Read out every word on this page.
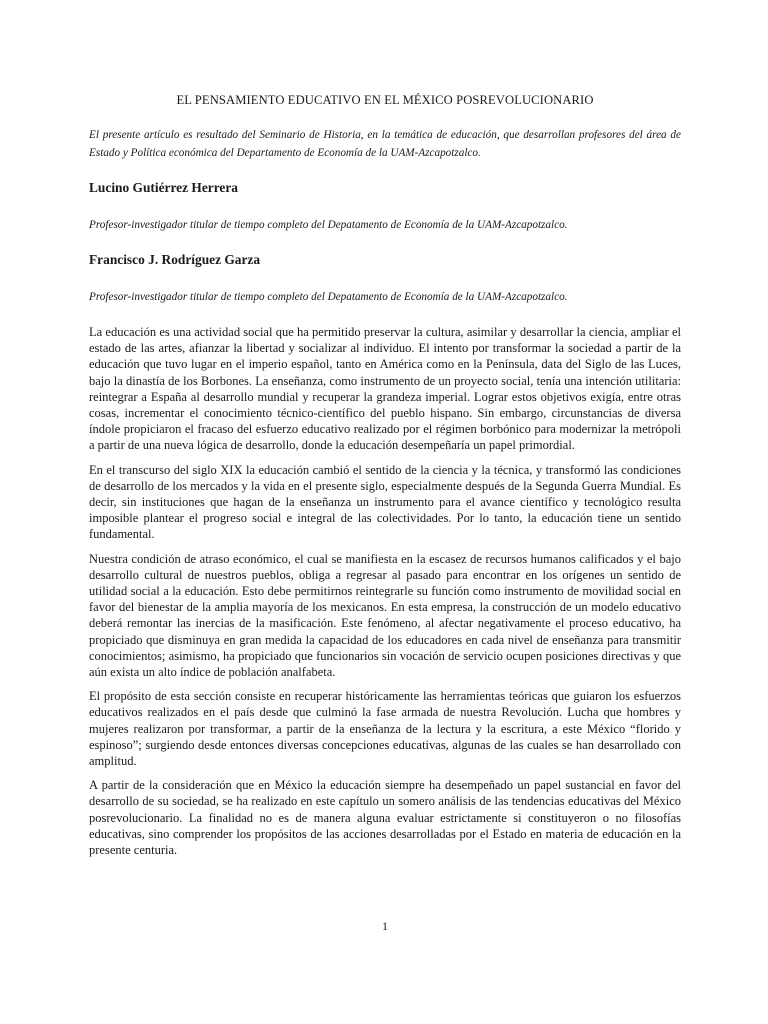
EL PENSAMIENTO EDUCATIVO EN EL MÉXICO POSREVOLUCIONARIO
El presente artículo es resultado del Seminario de Historia, en la temática de educación, que desarrollan profesores del área de Estado y Política económica del Departamento de Economía de la UAM-Azcapotzalco.
Lucino Gutiérrez Herrera
Profesor-investigador titular de tiempo completo del Depatamento de Economía de la UAM-Azcapotzalco.
Francisco J. Rodríguez Garza
Profesor-investigador titular de tiempo completo del Depatamento de Economía de la UAM-Azcapotzalco.

La educación es una actividad social que ha permitido preservar la cultura, asimilar y desarrollar la ciencia, ampliar el estado de las artes, afianzar la libertad y socializar al individuo. El intento por transformar la sociedad a partir de la educación que tuvo lugar en el imperio español, tanto en América como en la Península, data del Siglo de las Luces, bajo la dinastía de los Borbones. La enseñanza, como instrumento de un proyecto social, tenía una intención utilitaria: reintegrar a España al desarrollo mundial y recuperar la grandeza imperial. Lograr estos objetivos exigía, entre otras cosas, incrementar el conocimiento técnico-científico del pueblo hispano. Sin embargo, circunstancias de diversa índole propiciaron el fracaso del esfuerzo educativo realizado por el régimen borbónico para modernizar la metrópoli a partir de una nueva lógica de desarrollo, donde la educación desempeñaría un papel primordial.

En el transcurso del siglo XIX la educación cambió el sentido de la ciencia y la técnica, y transformó las condiciones de desarrollo de los mercados y la vida en el presente siglo, especialmente después de la Segunda Guerra Mundial. Es decir, sin instituciones que hagan de la enseñanza un instrumento para el avance científico y tecnológico resulta imposible plantear el progreso social e integral de las colectividades. Por lo tanto, la educación tiene un sentido fundamental.

Nuestra condición de atraso económico, el cual se manifiesta en la escasez de recursos humanos calificados y el bajo desarrollo cultural de nuestros pueblos, obliga a regresar al pasado para encontrar en los orígenes un sentido de utilidad social a la educación. Esto debe permitirnos reintegrarle su función como instrumento de movilidad social en favor del bienestar de la amplia mayoría de los mexicanos. En esta empresa, la construcción de un modelo educativo deberá remontar las inercias de la masificación. Este fenómeno, al afectar negativamente el proceso educativo, ha propiciado que disminuya en gran medida la capacidad de los educadores en cada nivel de enseñanza para transmitir conocimientos; asimismo, ha propiciado que funcionarios sin vocación de servicio ocupen posiciones directivas y que aún exista un alto índice de población analfabeta.

El propósito de esta sección consiste en recuperar históricamente las herramientas teóricas que guiaron los esfuerzos educativos realizados en el país desde que culminó la fase armada de nuestra Revolución. Lucha que hombres y mujeres realizaron por transformar, a partir de la enseñanza de la lectura y la escritura, a este México “florido y espinoso”; surgiendo desde entonces diversas concepciones educativas, algunas de las cuales se han desarrollado con amplitud.

A partir de la consideración que en México la educación siempre ha desempeñado un papel sustancial en favor del desarrollo de su sociedad, se ha realizado en este capítulo un somero análisis de las tendencias educativas del México posrevolucionario. La finalidad no es de manera alguna evaluar estrictamente si constituyeron o no filosofías educativas, sino comprender los propósitos de las acciones desarrolladas por el Estado en materia de educación en la presente centuria.

1
